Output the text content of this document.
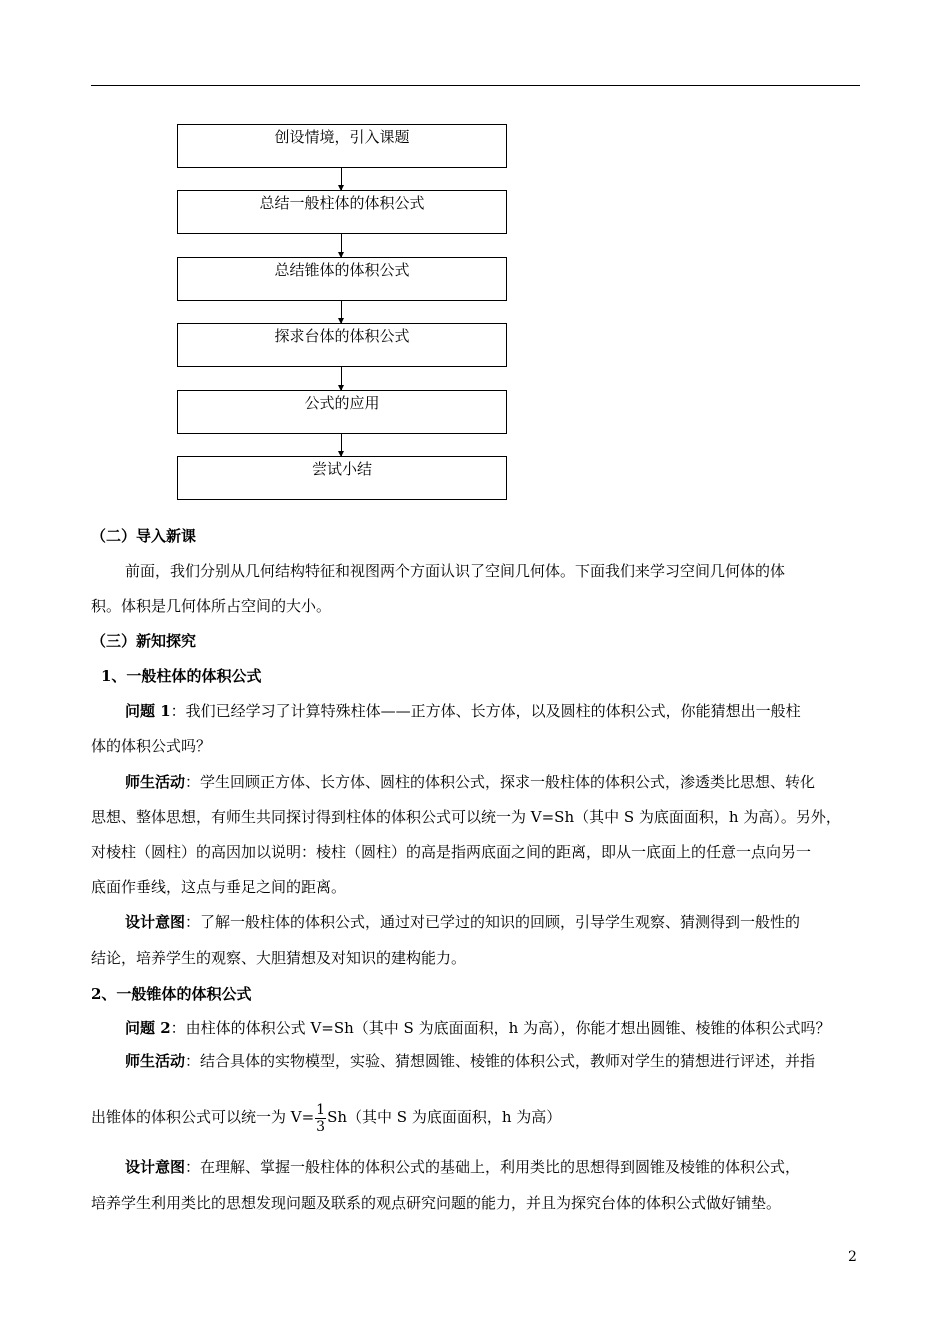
创设情境，引入课题
总结一般柱体的体积公式
总结锥体的体积公式
探求台体的体积公式
公式的应用
尝试小结
（二）导入新课
前面，我们分别从几何结构特征和视图两个方面认识了空间几何体。下面我们来学习空间几何体的体
积。体积是几何体所占空间的大小。
（三）新知探究
1、一般柱体的体积公式
问题 1：我们已经学习了计算特殊柱体——正方体、长方体，以及圆柱的体积公式，你能猜想出一般柱
体的体积公式吗？
师生活动：学生回顾正方体、长方体、圆柱的体积公式，探求一般柱体的体积公式，渗透类比思想、转化
思想、整体思想，有师生共同探讨得到柱体的体积公式可以统一为 V=Sh（其中 S 为底面面积，h 为高）。另外，
对棱柱（圆柱）的高因加以说明：棱柱（圆柱）的高是指两底面之间的距离，即从一底面上的任意一点向另一
底面作垂线，这点与垂足之间的距离。
设计意图：了解一般柱体的体积公式，通过对已学过的知识的回顾，引导学生观察、猜测得到一般性的
结论，培养学生的观察、大胆猜想及对知识的建构能力。
2、一般锥体的体积公式
问题 2：由柱体的体积公式 V=Sh（其中 S 为底面面积，h 为高），你能才想出圆锥、棱锥的体积公式吗？
师生活动：结合具体的实物模型，实验、猜想圆锥、棱锥的体积公式，教师对学生的猜想进行评述，并指
出锥体的体积公式可以统一为 $V= \frac{1}{3} Sh$（其中 S 为底面面积，h 为高）
设计意图：在理解、掌握一般柱体的体积公式的基础上，利用类比的思想得到圆锥及棱锥的体积公式，
培养学生利用类比的思想发现问题及联系的观点研究问题的能力，并且为探究台体的体积公式做好铺垫。
2
